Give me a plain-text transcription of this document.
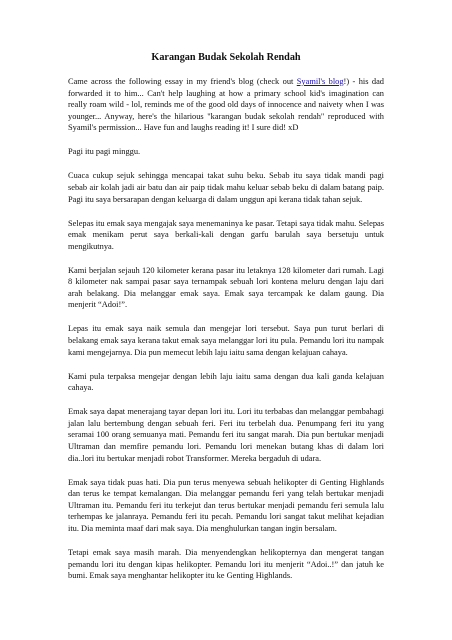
Karangan Budak Sekolah Rendah

Came across the following essay in my friend's blog (check out Syamil's blog!) - his dad forwarded it to him... Can't help laughing at how a primary school kid's imagination can really roam wild - lol, reminds me of the good old days of innocence and naivety when I was younger... Anyway, here's the hilarious "karangan budak sekolah rendah" reproduced with Syamil's permission... Have fun and laughs reading it! I sure did! xD

Pagi itu pagi minggu.

Cuaca cukup sejuk sehingga mencapai takat suhu beku. Sebab itu saya tidak mandi pagi sebab air kolah jadi air batu dan air paip tidak mahu keluar sebab beku di dalam batang paip. Pagi itu saya bersarapan dengan keluarga di dalam unggun api kerana tidak tahan sejuk.

Selepas itu emak saya mengajak saya menemaninya ke pasar. Tetapi saya tidak mahu. Selepas emak menikam perut saya berkali-kali dengan garfu barulah saya bersetuju untuk mengikutnya.

Kami berjalan sejauh 120 kilometer kerana pasar itu letaknya 128 kilometer dari rumah. Lagi 8 kilometer nak sampai pasar saya ternampak sebuah lori kontena meluru dengan laju dari arah belakang. Dia melanggar emak saya. Emak saya tercampak ke dalam gaung. Dia menjerit “Adoi!”.

Lepas itu emak saya naik semula dan mengejar lori tersebut. Saya pun turut berlari di belakang emak saya kerana takut emak saya melanggar lori itu pula. Pemandu lori itu nampak kami mengejarnya. Dia pun memecut lebih laju iaitu sama dengan kelajuan cahaya.

Kami pula terpaksa mengejar dengan lebih laju iaitu sama dengan dua kali ganda kelajuan cahaya.

Emak saya dapat menerajang tayar depan lori itu. Lori itu terbabas dan melanggar pembahagi jalan lalu bertembung dengan sebuah feri. Feri itu terbelah dua. Penumpang feri itu yang seramai 100 orang semuanya mati. Pemandu feri itu sangat marah. Dia pun bertukar menjadi Ultraman dan memfire pemandu lori. Pemandu lori menekan butang khas di dalam lori dia..lori itu bertukar menjadi robot Transformer. Mereka bergaduh di udara.

Emak saya tidak puas hati. Dia pun terus menyewa sebuah helikopter di Genting Highlands dan terus ke tempat kemalangan. Dia melanggar pemandu feri yang telah bertukar menjadi Ultraman itu. Pemandu feri itu terkejut dan terus bertukar menjadi pemandu feri semula lalu terhempas ke jalanraya. Pemandu feri itu pecah. Pemandu lori sangat takut melihat kejadian itu. Dia meminta maaf dari mak saya. Dia menghulurkan tangan ingin bersalam.

Tetapi emak saya masih marah. Dia menyendengkan helikopternya dan mengerat tangan pemandu lori itu dengan kipas helikopter. Pemandu lori itu menjerit “Adoi..!” dan jatuh ke bumi. Emak saya menghantar helikopter itu ke Genting Highlands.
